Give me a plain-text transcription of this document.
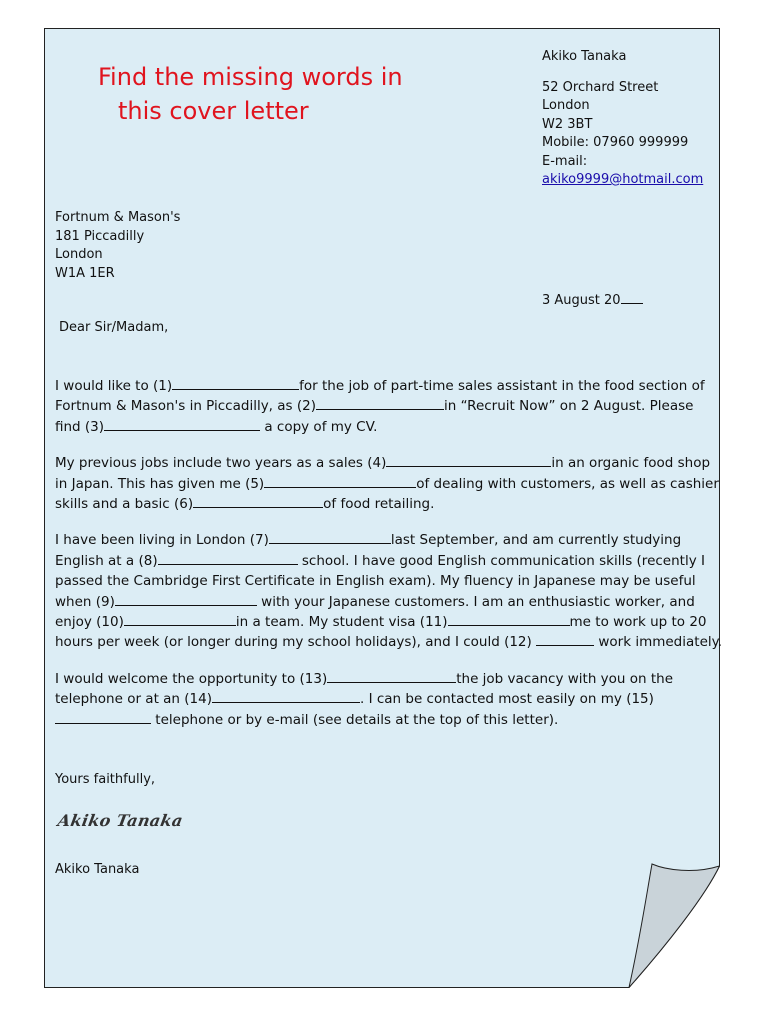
Find the missing words in
this cover letter
Akiko Tanaka
52 Orchard Street
London
W2 3BT
Mobile: 07960 999999
E-mail:
akiko9999@hotmail.com
Fortnum & Mason's
181 Piccadilly
London
W1A 1ER
3 August 20
Dear Sir/Madam,

I would like to (1)	for the job of part-time sales assistant in the food section of Fortnum & Mason's in Piccadilly, as (2)	in “Recruit Now” on 2 August. Please find (3)	a copy of my CV.

My previous jobs include two years as a sales (4)	in an organic food shop in Japan. This has given me (5)	of dealing with customers, as well as cashier skills and a basic (6)	of food retailing.

I have been living in London (7)	last September, and am currently studying English at a (8)	school. I have good English communication skills (recently I passed the Cambridge First Certificate in English exam). My fluency in Japanese may be useful when (9)	with your Japanese customers. I am an enthusiastic worker, and enjoy (10)	in a team. My student visa (11)	me to work up to 20 hours per week (or longer during my school holidays), and I could (12)	work immediately.

I would welcome the opportunity to (13)	the job vacancy with you on the telephone or at an (14)	. I can be contacted most easily on my (15)  telephone or by e-mail (see details at the top of this letter).

Yours faithfully,
Akiko Tanaka
Akiko Tanaka
